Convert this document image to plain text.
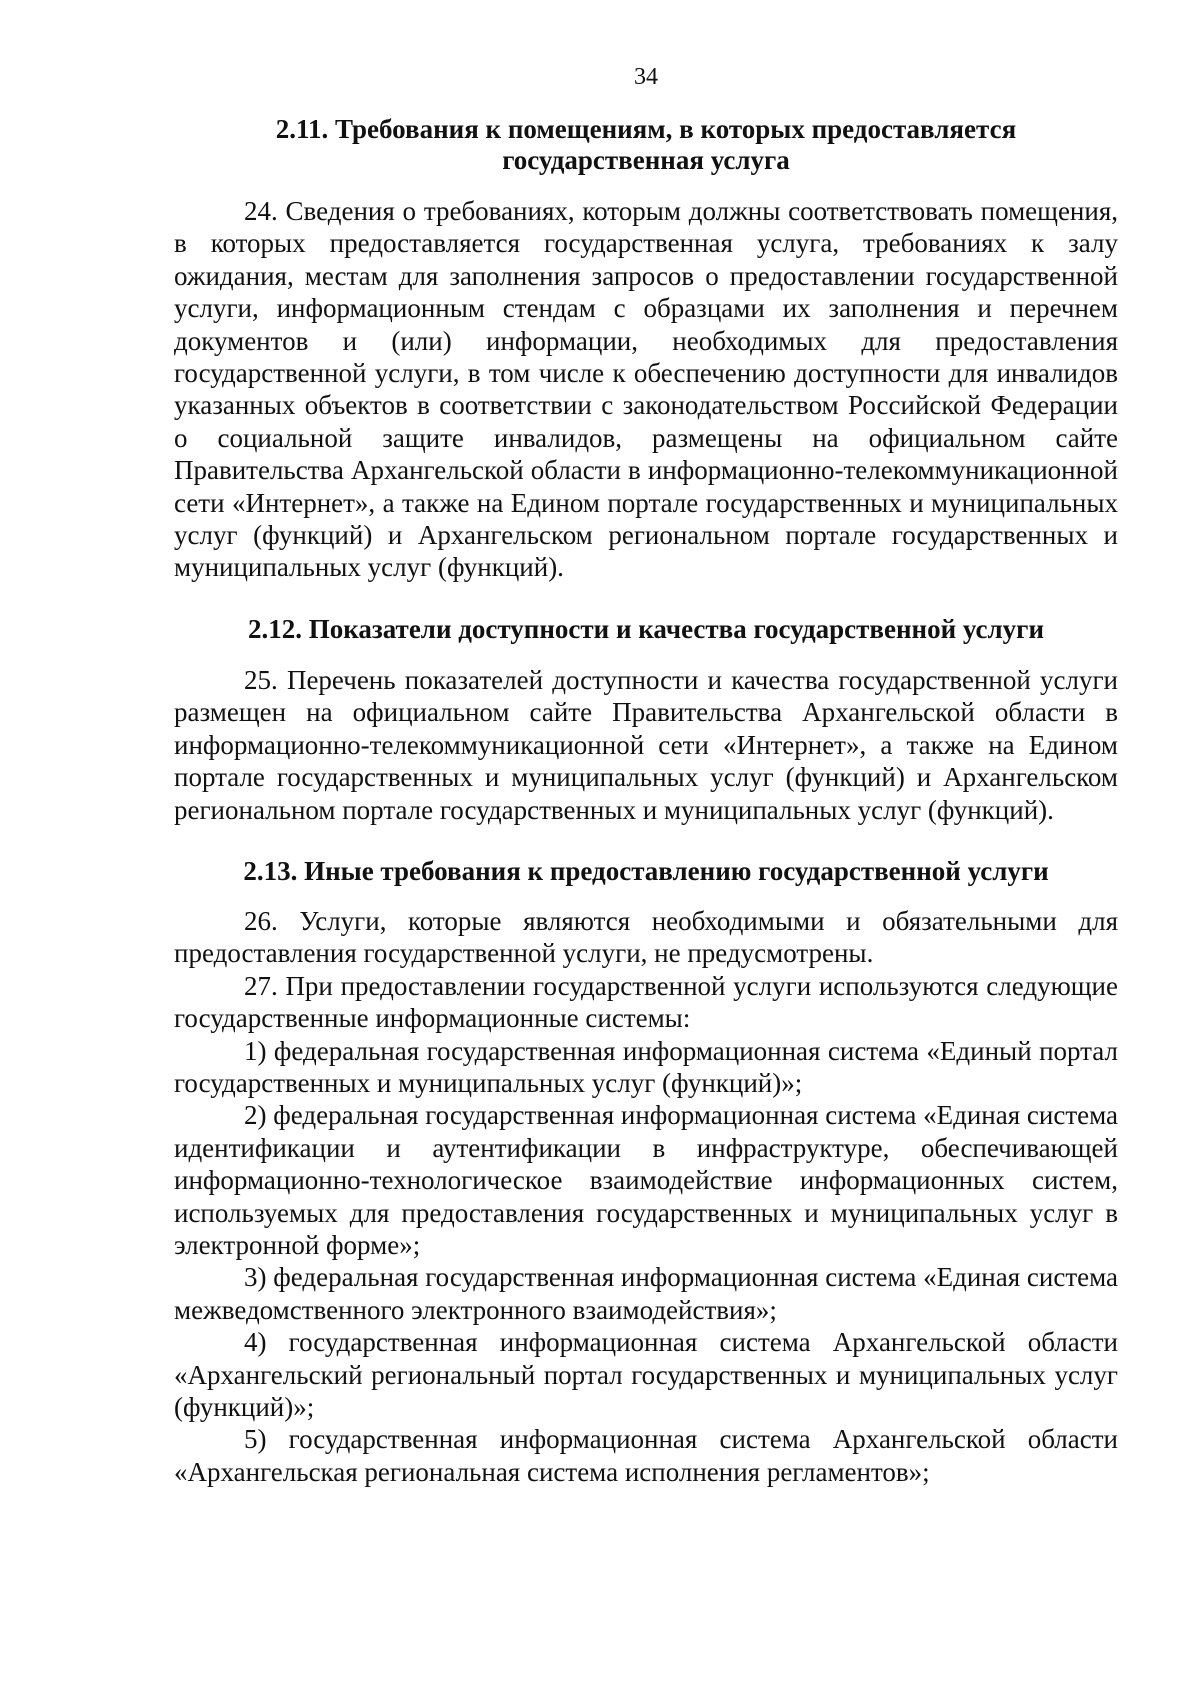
34
2.11. Требования к помещениям, в которых предоставляется
государственная услуга

24. Сведения о требованиях, которым должны соответствовать помещения, в которых предоставляется государственная услуга, требованиях к залу ожидания, местам для заполнения запросов о предоставлении государственной услуги, информационным стендам с образцами их заполнения и перечнем документов и (или) информации, необходимых для предоставления государственной услуги, в том числе к обеспечению доступности для инвалидов указанных объектов в соответствии с законодательством Российской Федерации о социальной защите инвалидов, размещены на официальном сайте Правительства Архангельской области в информационно-телекоммуникационной сети «Интернет», а также на Едином портале государственных и муниципальных услуг (функций) и Архангельском региональном портале государственных и муниципальных услуг (функций).

2.12. Показатели доступности и качества государственной услуги

25. Перечень показателей доступности и качества государственной услуги размещен на официальном сайте Правительства Архангельской области в информационно-телекоммуникационной сети «Интернет», а также на Едином портале государственных и муниципальных услуг (функций) и Архангельском региональном портале государственных и муниципальных услуг (функций).

2.13. Иные требования к предоставлению государственной услуги

26. Услуги, которые являются необходимыми и обязательными для предоставления государственной услуги, не предусмотрены.

27. При предоставлении государственной услуги используются следующие государственные информационные системы:

1) федеральная государственная информационная система «Единый портал государственных и муниципальных услуг (функций)»;

2) федеральная государственная информационная система «Единая система идентификации и аутентификации в инфраструктуре, обеспечивающей информационно-технологическое взаимодействие информационных систем, используемых для предоставления государственных и муниципальных услуг в электронной форме»;

3) федеральная государственная информационная система «Единая система межведомственного электронного взаимодействия»;

4) государственная информационная система Архангельской области «Архангельский региональный портал государственных и муниципальных услуг (функций)»;

5) государственная информационная система Архангельской области «Архангельская региональная система исполнения регламентов»;
